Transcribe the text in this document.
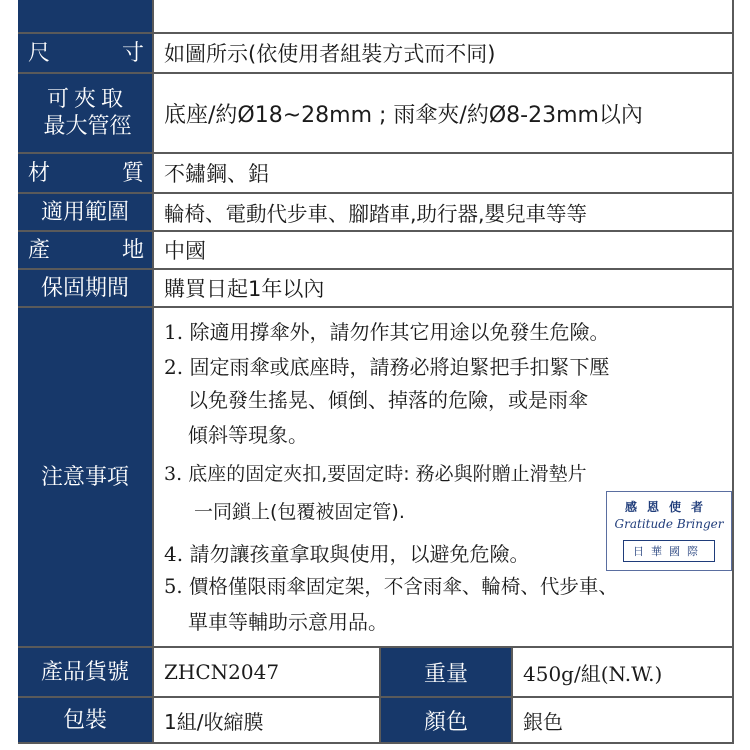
尺	寸 如圖所示(依使用者組裝方式而不同)
可夾取
最大管徑	底座/約Ø18~28mm ; 雨傘夾/約Ø8-23mm以內
材	質 不鏽鋼、鋁
適用範圍	輪椅、電動代步車、腳踏車,助行器,嬰兒車等等
產	地 中國
保固期間	購買日起1年以內
注意事項
1. 除適用撐傘外，請勿作其它用途以免發生危險。
2. 固定雨傘或底座時，請務必將迫緊把手扣緊下壓
以免發生搖晃、傾倒、掉落的危險，或是雨傘
傾斜等現象。
3. 底座的固定夾扣,要固定時: 務必與附贈止滑墊片
一同鎖上(包覆被固定管).
4. 請勿讓孩童拿取與使用，以避免危險。
5. 價格僅限雨傘固定架，不含雨傘、輪椅、代步車、
單車等輔助示意用品。
產品貨號	ZHCN2047	重量	450g/組(N.W.)
包裝	1組/收縮膜	顏色	銀色
感恩使者
Gratitude Bringer
日華國際
